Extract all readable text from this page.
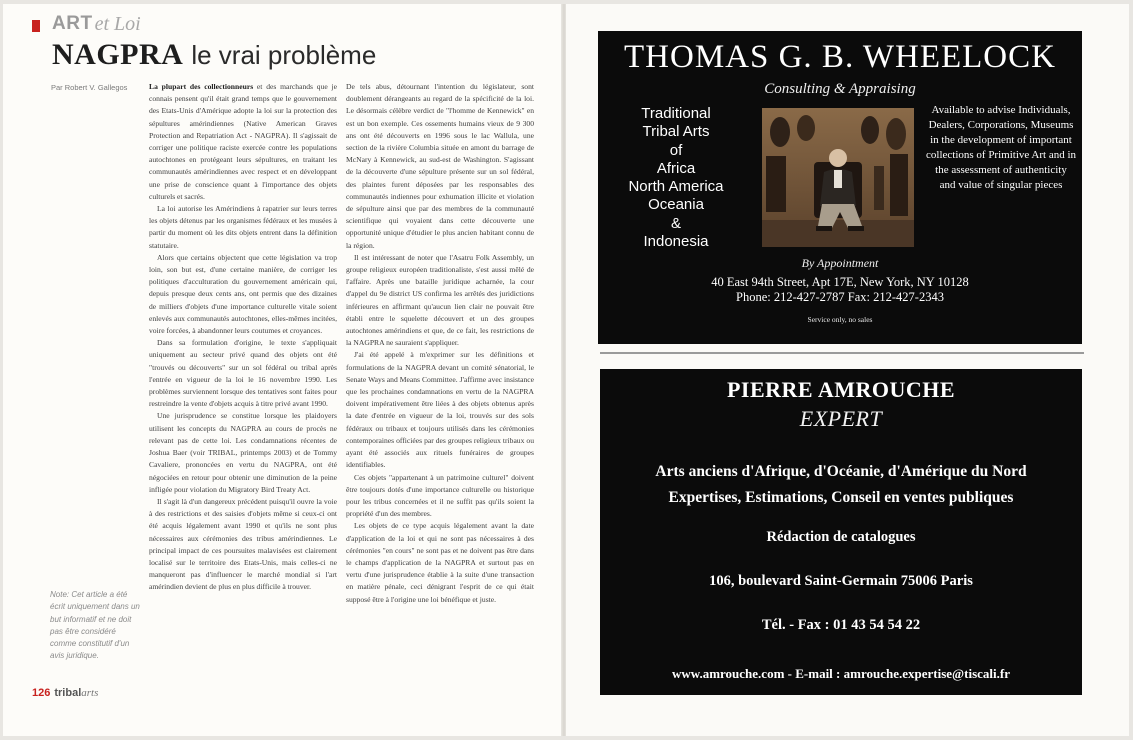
ART et Loi
NAGPRA le vrai problème
Par Robert V. Gallegos	La plupart des collectionneurs et des marchands que je connais pensent qu'il était grand temps que le gouvernement des Etats-Unis d'Amérique adopte la loi sur la protection des sépultures amérindiennes (Native American Graves Protection and Repatriation Act - NAGPRA). Il s'agissait de corriger une politique raciste exercée contre les populations autochtones en protégeant leurs sépultures, en traitant les communautés amérindiennes avec respect et en développant une prise de conscience quant à l'importance des objets culturels et sacrés.

La loi autorise les Amérindiens à rapatrier sur leurs terres les objets détenus par les organismes fédéraux et les musées à partir du moment où les dits objets entrent dans la définition statutaire.

Alors que certains objectent que cette législation va trop loin, son but est, d'une certaine manière, de corriger les politiques d'acculturation du gouvernement américain qui, depuis presque deux cents ans, ont permis que des dizaines de milliers d'objets d'une importance culturelle vitale soient enlevés aux communautés autochtones, elles-mêmes incitées, voire forcées, à abandonner leurs coutumes et croyances.

Dans sa formulation d'origine, le texte s'appliquait uniquement au secteur privé quand des objets ont été "trouvés ou découverts" sur un sol fédéral ou tribal après l'entrée en vigueur de la loi le 16 novembre 1990. Les problèmes surviennent lorsque des tentatives sont faites pour restreindre la vente d'objets acquis à titre privé avant 1990.

Une jurisprudence se constitue lorsque les plaidoyers utilisent les concepts du NAGPRA au cours de procès ne relevant pas de cette loi. Les condamnations récentes de Joshua Baer (voir TRIBAL, printemps 2003) et de Tommy Cavaliere, prononcées en vertu du NAGPRA, ont été négociées en retour pour obtenir une diminution de la peine infligée pour violation du Migratory Bird Treaty Act.

Il s'agit là d'un dangereux précédent puisqu'il ouvre la voie à des restrictions et des saisies d'objets même si ceux-ci ont été acquis légalement avant 1990 et qu'ils ne sont plus nécessaires aux cérémonies des tribus amérindiennes. Le principal impact de ces poursuites malavisées est clairement localisé sur le territoire des Etats-Unis, mais celles-ci ne manqueront pas d'influencer le marché mondial si l'art amérindien devient de plus en plus difficile à trouver.

De tels abus, détournant l'intention du législateur, sont doublement dérangeants au regard de la spécificité de la loi. Le désormais célèbre verdict de "l'homme de Kennewick" en est un bon exemple. Ces ossements humains vieux de 9 300 ans ont été découverts en 1996 sous le lac Wallula, une section de la rivière Columbia située en amont du barrage de McNary à Kennewick, au sud-est de Washington. S'agissant de la découverte d'une sépulture présente sur un sol fédéral, des plaintes furent déposées par les responsables des communautés indiennes pour exhumation illicite et violation de sépulture ainsi que par des membres de la communauté scientifique qui voyaient dans cette découverte une opportunité unique d'étudier le plus ancien habitant connu de la région.

Il est intéressant de noter que l'Asatru Folk Assembly, un groupe religieux européen traditionaliste, s'est aussi mêlé de l'affaire. Après une bataille juridique acharnée, la cour d'appel du 9e district US confirma les arrêtés des juridictions inférieures en affirmant qu'aucun lien clair ne pouvait être établi entre le squelette découvert et un des groupes autochtones amérindiens et que, de ce fait, les restrictions de la NAGPRA ne sauraient s'appliquer.

J'ai été appelé à m'exprimer sur les définitions et formulations de la NAGPRA devant un comité sénatorial, le Senate Ways and Means Committee. J'affirme avec insistance que les prochaines condamnations en vertu de la NAGPRA doivent impérativement être liées à des objets obtenus après la date d'entrée en vigueur de la loi, trouvés sur des sols fédéraux ou tribaux et toujours utilisés dans les cérémonies contemporaines officiées par des groupes religieux tribaux ou ayant été associés aux rituels funéraires de groupes identifiables.

Ces objets "appartenant à un patrimoine culturel" doivent être toujours dotés d'une importance culturelle ou historique pour les tribus concernées et il ne suffit pas qu'ils soient la propriété d'un des membres.

Les objets de ce type acquis légalement avant la date d'application de la loi et qui ne sont pas nécessaires à des cérémonies "en cours" ne sont pas et ne doivent pas être dans le champs d'application de la NAGPRA et surtout pas en vertu d'une jurisprudence établie à la suite d'une transaction en matière pénale, ceci dénigrant l'esprit de ce qui était supposé être à l'origine une loi bénéfique et juste.

Note: Cet article a été écrit uniquement dans un but informatif et ne doit pas être considéré comme constitutif d'un avis juridique.
126 tribal arts
THOMAS G. B. WHEELOCK
Consulting & Appraising
Traditional
Tribal Arts
of
Africa
North America
Oceania
&
Indonesia
Available to advise Individuals, Dealers, Corporations, Museums in the development of important collections of Primitive Art and in the assessment of authenticity and value of singular pieces
By Appointment
40 East 94th Street, Apt 17E, New York, NY 10128
Phone: 212-427-2787 Fax: 212-427-2343
Service only, no sales
PIERRE AMROUCHE
EXPERT
Arts anciens d'Afrique, d'Océanie, d'Amérique du Nord
Expertises, Estimations, Conseil en ventes publiques
Rédaction de catalogues
106, boulevard Saint-Germain 75006 Paris
Tél. - Fax : 01 43 54 54 22
www.amrouche.com - E-mail : amrouche.expertise@tiscali.fr
